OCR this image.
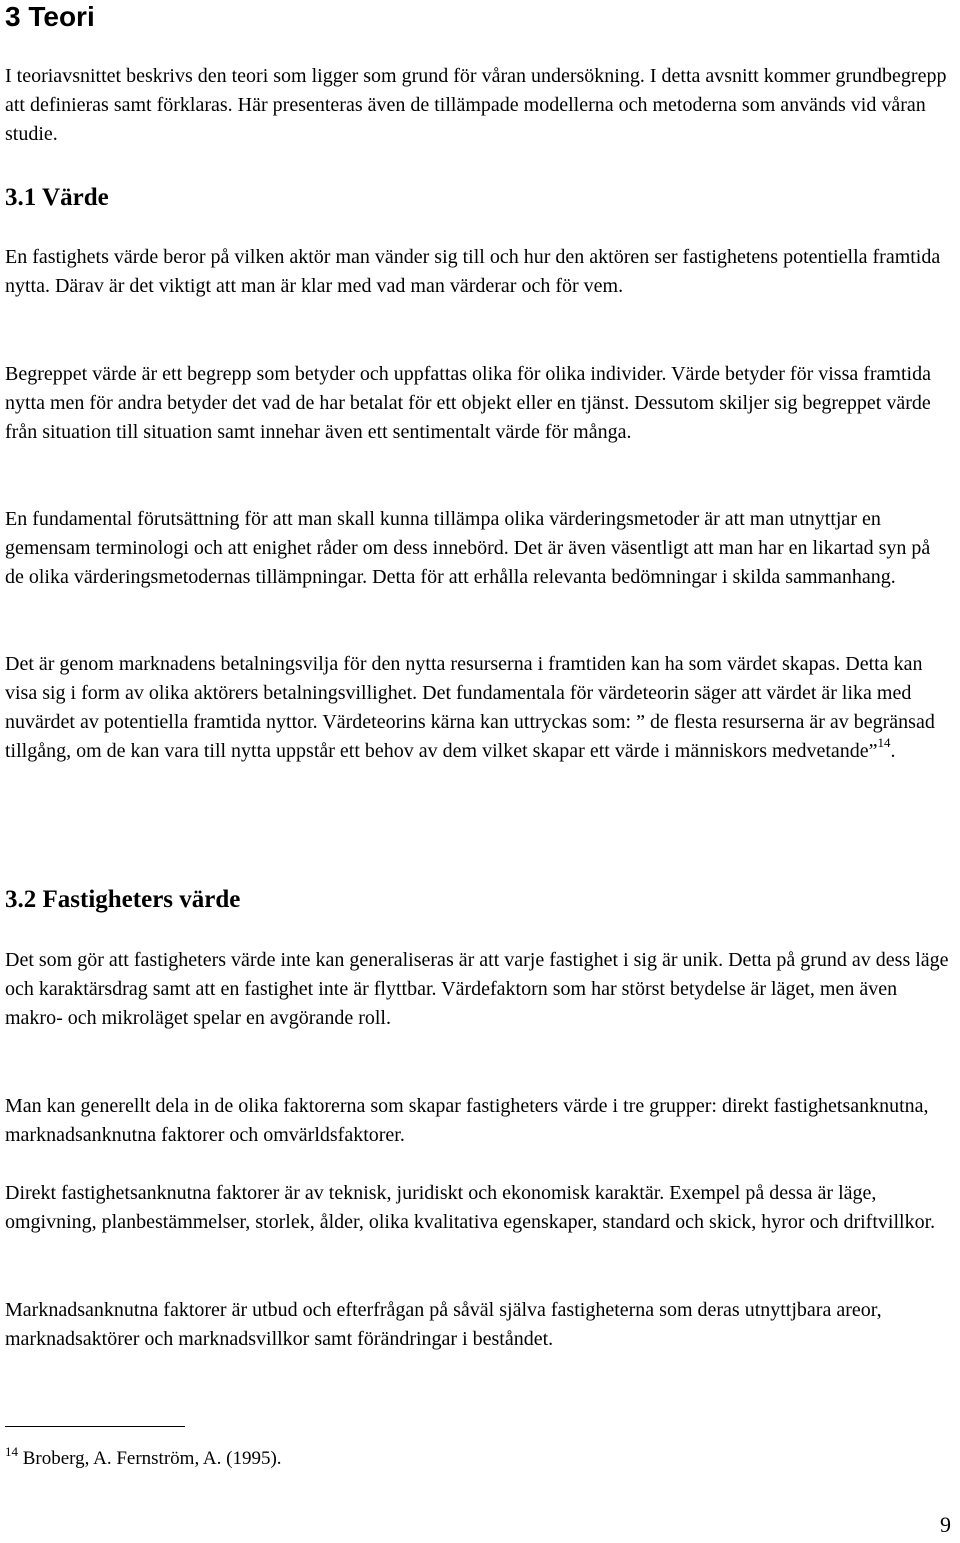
3 Teori

I teoriavsnittet beskrivs den teori som ligger som grund för våran undersökning. I detta avsnitt kommer grundbegrepp att definieras samt förklaras. Här presenteras även de tillämpade modellerna och metoderna som används vid våran studie.

3.1 Värde

En fastighets värde beror på vilken aktör man vänder sig till och hur den aktören ser fastighetens potentiella framtida nytta. Därav är det viktigt att man är klar med vad man värderar och för vem.

Begreppet värde är ett begrepp som betyder och uppfattas olika för olika individer. Värde betyder för vissa framtida nytta men för andra betyder det vad de har betalat för ett objekt eller en tjänst. Dessutom skiljer sig begreppet värde från situation till situation samt innehar även ett sentimentalt värde för många.

En fundamental förutsättning för att man skall kunna tillämpa olika värderingsmetoder är att man utnyttjar en gemensam terminologi och att enighet råder om dess innebörd. Det är även väsentligt att man har en likartad syn på de olika värderingsmetodernas tillämpningar. Detta för att erhålla relevanta bedömningar i skilda sammanhang.

Det är genom marknadens betalningsvilja för den nytta resurserna i framtiden kan ha som värdet skapas. Detta kan visa sig i form av olika aktörers betalningsvillighet. Det fundamentala för värdeteorin säger att värdet är lika med nuvärdet av potentiella framtida nyttor. Värdeteorins kärna kan uttryckas som: ” de flesta resurserna är av begränsad tillgång, om de kan vara till nytta uppstår ett behov av dem vilket skapar ett värde i människors medvetande”$^{14}$.

3.2 Fastigheters värde

Det som gör att fastigheters värde inte kan generaliseras är att varje fastighet i sig är unik. Detta på grund av dess läge och karaktärsdrag samt att en fastighet inte är flyttbar. Värdefaktorn som har störst betydelse är läget, men även makro- och mikroläget spelar en avgörande roll.

Man kan generellt dela in de olika faktorerna som skapar fastigheters värde i tre grupper: direkt fastighetsanknutna, marknadsanknutna faktorer och omvärldsfaktorer.

Direkt fastighetsanknutna faktorer är av teknisk, juridiskt och ekonomisk karaktär. Exempel på dessa är läge, omgivning, planbestämmelser, storlek, ålder, olika kvalitativa egenskaper, standard och skick, hyror och driftvillkor.

Marknadsanknutna faktorer är utbud och efterfrågan på såväl själva fastigheterna som deras utnyttjbara areor, marknadsaktörer och marknadsvillkor samt förändringar i beståndet.

$^{14}$ Broberg, A. Fernström, A. (1995).
9
